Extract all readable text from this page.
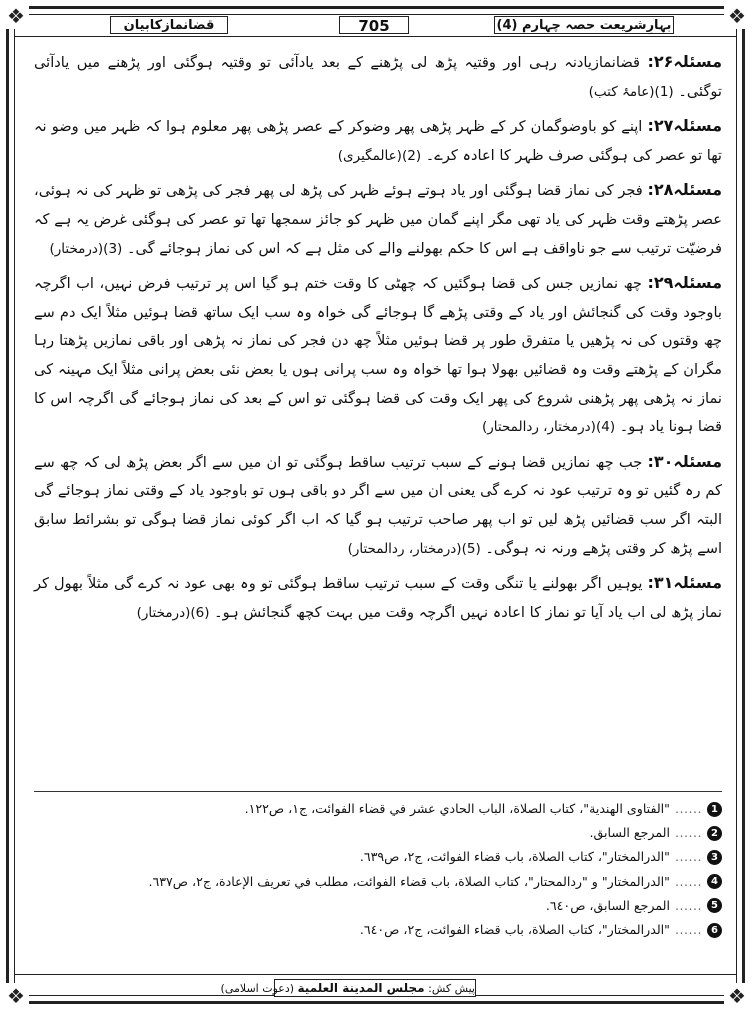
❖	❖
❖	❖
قضانمازکابیان	705	بہارِشریعت حصہ چہارم (4)

مسئلہ۲۶: قضانمازیادنہ رہی اور وقتیہ پڑھ لی پڑھنے کے بعد یادآئی تو وقتیہ ہوگئی اور پڑھنے میں یادآئی توگئی۔ (1)(عامۂ کتب)

مسئلہ۲۷: اپنے کو باوضوگمان کر کے ظہر پڑھی پھر وضوکر کے عصر پڑھی پھر معلوم ہوا کہ ظہر میں وضو نہ تھا تو عصر کی ہوگئی صرف ظہر کا اعادہ کرے۔ (2)(عالمگیری)

مسئلہ۲۸: فجر کی نماز قضا ہوگئی اور یاد ہوتے ہوئے ظہر کی پڑھ لی پھر فجر کی پڑھی تو ظہر کی نہ ہوئی، عصر پڑھتے وقت ظہر کی یاد تھی مگر اپنے گمان میں ظہر کو جائز سمجھا تھا تو عصر کی ہوگئی غرض یہ ہے کہ فرضیّت ترتیب سے جو ناواقف ہے اس کا حکم بھولنے والے کی مثل ہے کہ اس کی نماز ہوجائے گی۔ (3)(درمختار)

مسئلہ۲۹: چھ نمازیں جس کی قضا ہوگئیں کہ چھٹی کا وقت ختم ہو گیا اس پر ترتیب فرض نہیں، اب اگرچہ باوجود وقت کی گنجائش اور یاد کے وقتی پڑھے گا ہوجائے گی خواہ وہ سب ایک ساتھ قضا ہوئیں مثلاً ایک دم سے چھ وقتوں کی نہ پڑھیں یا متفرق طور پر قضا ہوئیں مثلاً چھ دن فجر کی نماز نہ پڑھی اور باقی نمازیں پڑھتا رہا مگران کے پڑھتے وقت وہ قضائیں بھولا ہوا تھا خواہ وہ سب پرانی ہوں یا بعض نئی بعض پرانی مثلاً ایک مہینہ کی نماز نہ پڑھی پھر پڑھنی شروع کی پھر ایک وقت کی قضا ہوگئی تو اس کے بعد کی نماز ہوجائے گی اگرچہ اس کا قضا ہونا یاد ہو۔ (4)(درمختار، ردالمحتار)

مسئلہ۳۰: جب چھ نمازیں قضا ہونے کے سبب ترتیب ساقط ہوگئی تو ان میں سے اگر بعض پڑھ لی کہ چھ سے کم رہ گئیں تو وہ ترتیب عود نہ کرے گی یعنی ان میں سے اگر دو باقی ہوں تو باوجود یاد کے وقتی نماز ہوجائے گی البتہ اگر سب قضائیں پڑھ لیں تو اب پھر صاحب ترتیب ہو گیا کہ اب اگر کوئی نماز قضا ہوگی تو بشرائط سابق اسے پڑھ کر وقتی پڑھے ورنہ نہ ہوگی۔ (5)(درمختار، ردالمحتار)

مسئلہ۳۱: یوہیں اگر بھولنے یا تنگی وقت کے سبب ترتیب ساقط ہوگئی تو وہ بھی عود نہ کرے گی مثلاً بھول کر نماز پڑھ لی اب یاد آیا تو نماز کا اعادہ نہیں اگرچہ وقت میں بہت کچھ گنجائش ہو۔ (6)(درمختار)

1
......
"الفتاوى الهندية"، كتاب الصلاة، الباب الحادي عشر في قضاء الفوائت، ج١، ص١٢٢.
2
......
المرجع السابق.
3
......
"الدرالمختار"، كتاب الصلاة، باب قضاء الفوائت، ج٢، ص٦٣٩.
4
......
"الدرالمختار" و "ردالمحتار"، كتاب الصلاة، باب قضاء الفوائت، مطلب في تعريف الإعادة، ج٢، ص٦٣٧.
5
......
المرجع السابق، ص٦٤٠.
6
......
"الدرالمختار"، كتاب الصلاة، باب قضاء الفوائت، ج٢، ص٦٤٠.
پیش کش: مجلس المدينة العلمية (دعوت اسلامی)
